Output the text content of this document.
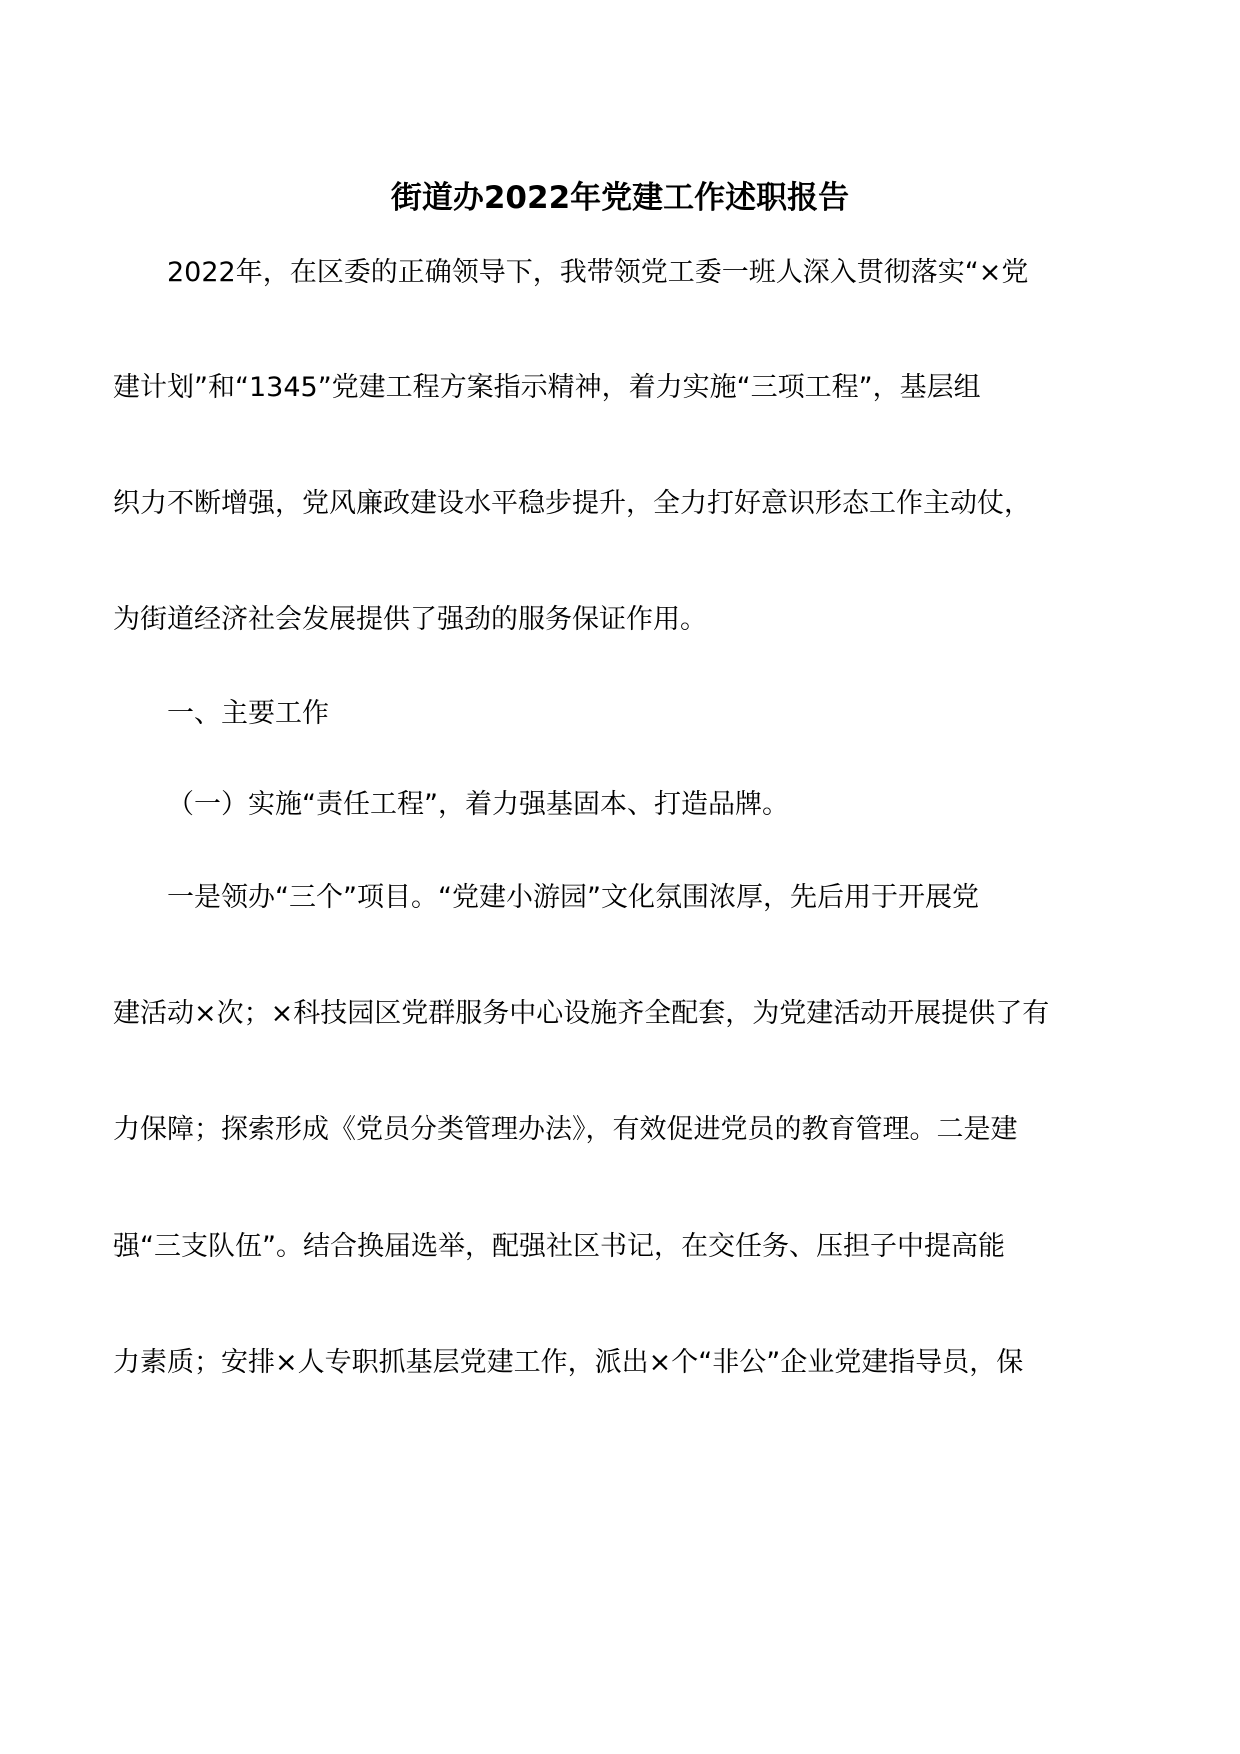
街道办2022年党建工作述职报告
2022年，在区委的正确领导下，我带领党工委一班人深入贯彻落实“×党
建计划”和“1345”党建工程方案指示精神，着力实施“三项工程”，基层组
织力不断增强，党风廉政建设水平稳步提升，全力打好意识形态工作主动仗，
为街道经济社会发展提供了强劲的服务保证作用。
一、主要工作
（一）实施“责任工程”，着力强基固本、打造品牌。
一是领办“三个”项目。“党建小游园”文化氛围浓厚，先后用于开展党
建活动×次；×科技园区党群服务中心设施齐全配套，为党建活动开展提供了有
力保障；探索形成《党员分类管理办法》，有效促进党员的教育管理。二是建
强“三支队伍”。结合换届选举，配强社区书记，在交任务、压担子中提高能
力素质；安排×人专职抓基层党建工作，派出×个“非公”企业党建指导员，保
